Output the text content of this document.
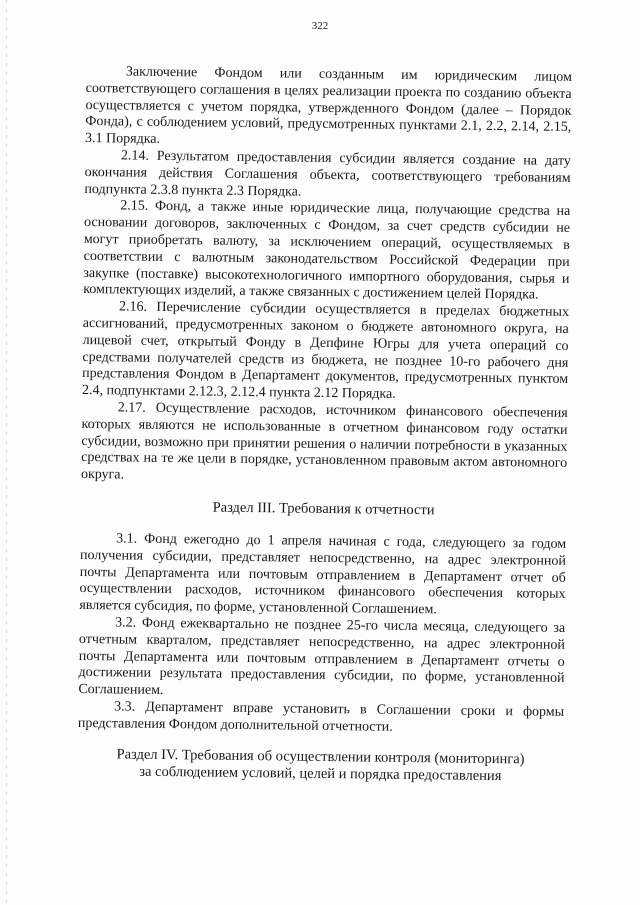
322

Заключение Фондом или созданным им юридическим лицом соответствующего соглашения в целях реализации проекта по созданию объекта осуществляется с учетом порядка, утвержденного Фондом (далее – Порядок Фонда), с соблюдением условий, предусмотренных пунктами 2.1, 2.2, 2.14, 2.15, 3.1 Порядка.

2.14. Результатом предоставления субсидии является создание на дату окончания действия Соглашения объекта, соответствующего требованиям подпункта 2.3.8 пункта 2.3 Порядка.

2.15. Фонд, а также иные юридические лица, получающие средства на основании договоров, заключенных с Фондом, за счет средств субсидии не могут приобретать валюту, за исключением операций, осуществляемых в соответствии с валютным законодательством Российской Федерации при закупке (поставке) высокотехнологичного импортного оборудования, сырья и комплектующих изделий, а также связанных с достижением целей Порядка.

2.16. Перечисление субсидии осуществляется в пределах бюджетных ассигнований, предусмотренных законом о бюджете автономного округа, на лицевой счет, открытый Фонду в Депфине Югры для учета операций со средствами получателей средств из бюджета, не позднее 10-го рабочего дня представления Фондом в Департамент документов, предусмотренных пунктом 2.4, подпунктами 2.12.3, 2.12.4 пункта 2.12 Порядка.

2.17. Осуществление расходов, источником финансового обеспечения которых являются не использованные в отчетном финансовом году остатки субсидии, возможно при принятии решения о наличии потребности в указанных средствах на те же цели в порядке, установленном правовым актом автономного округа.

Раздел III. Требования к отчетности

3.1. Фонд ежегодно до 1 апреля начиная с года, следующего за годом получения субсидии, представляет непосредственно, на адрес электронной почты Департамента или почтовым отправлением в Департамент отчет об осуществлении расходов, источником финансового обеспечения которых является субсидия, по форме, установленной Соглашением.

3.2. Фонд ежеквартально не позднее 25-го числа месяца, следующего за отчетным кварталом, представляет непосредственно, на адрес электронной почты Департамента или почтовым отправлением в Департамент отчеты о достижении результата предоставления субсидии, по форме, установленной Соглашением.

3.3. Департамент вправе установить в Соглашении сроки и формы представления Фондом дополнительной отчетности.

Раздел IV. Требования об осуществлении контроля (мониторинга)

за соблюдением условий, целей и порядка предоставления
